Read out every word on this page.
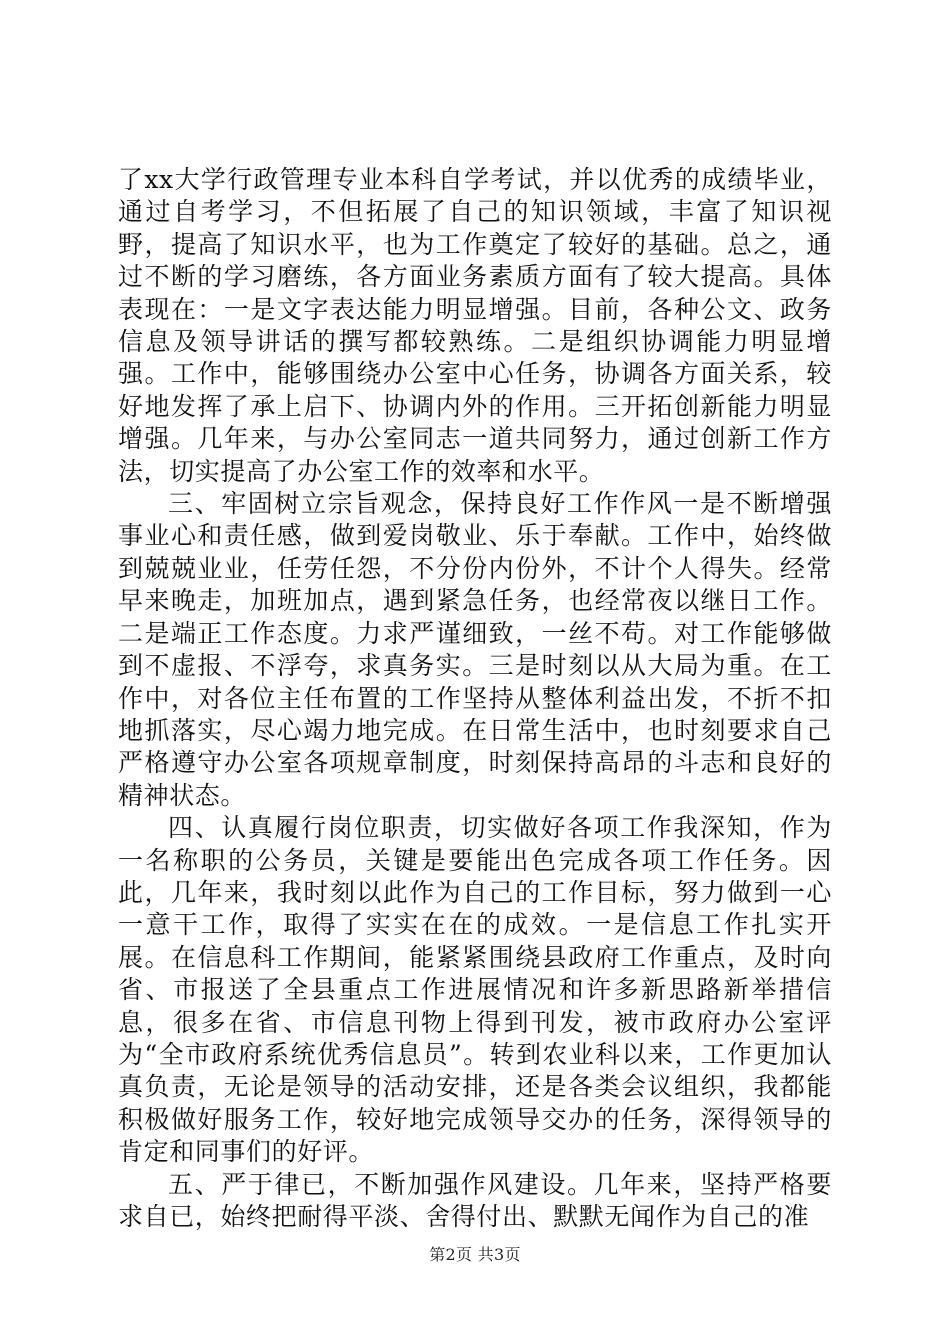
了xx大学行政管理专业本科自学考试，并以优秀的成绩毕业，通过自考学习，不但拓展了自己的知识领域，丰富了知识视野，提高了知识水平，也为工作奠定了较好的基础。总之，通过不断的学习磨练，各方面业务素质方面有了较大提高。具体表现在：一是文字表达能力明显增强。目前，各种公文、政务信息及领导讲话的撰写都较熟练。二是组织协调能力明显增强。工作中，能够围绕办公室中心任务，协调各方面关系，较好地发挥了承上启下、协调内外的作用。三开拓创新能力明显增强。几年来，与办公室同志一道共同努力，通过创新工作方法，切实提高了办公室工作的效率和水平。

三、牢固树立宗旨观念，保持良好工作作风一是不断增强事业心和责任感，做到爱岗敬业、乐于奉献。工作中，始终做到兢兢业业，任劳任怨，不分份内份外，不计个人得失。经常早来晚走，加班加点，遇到紧急任务，也经常夜以继日工作。二是端正工作态度。力求严谨细致，一丝不苟。对工作能够做到不虚报、不浮夸，求真务实。三是时刻以从大局为重。在工作中，对各位主任布置的工作坚持从整体利益出发，不折不扣地抓落实，尽心竭力地完成。在日常生活中，也时刻要求自己严格遵守办公室各项规章制度，时刻保持高昂的斗志和良好的精神状态。

四、认真履行岗位职责，切实做好各项工作我深知，作为一名称职的公务员，关键是要能出色完成各项工作任务。因此，几年来，我时刻以此作为自己的工作目标，努力做到一心一意干工作，取得了实实在在的成效。一是信息工作扎实开展。在信息科工作期间，能紧紧围绕县政府工作重点，及时向省、市报送了全县重点工作进展情况和许多新思路新举措信息，很多在省、市信息刊物上得到刊发，被市政府办公室评为“全市政府系统优秀信息员”。转到农业科以来，工作更加认真负责，无论是领导的活动安排，还是各类会议组织，我都能积极做好服务工作，较好地完成领导交办的任务，深得领导的肯定和同事们的好评。

五、严于律已，不断加强作风建设。几年来，坚持严格要求自已，始终把耐得平淡、舍得付出、默默无闻作为自己的准

第2页 共3页
